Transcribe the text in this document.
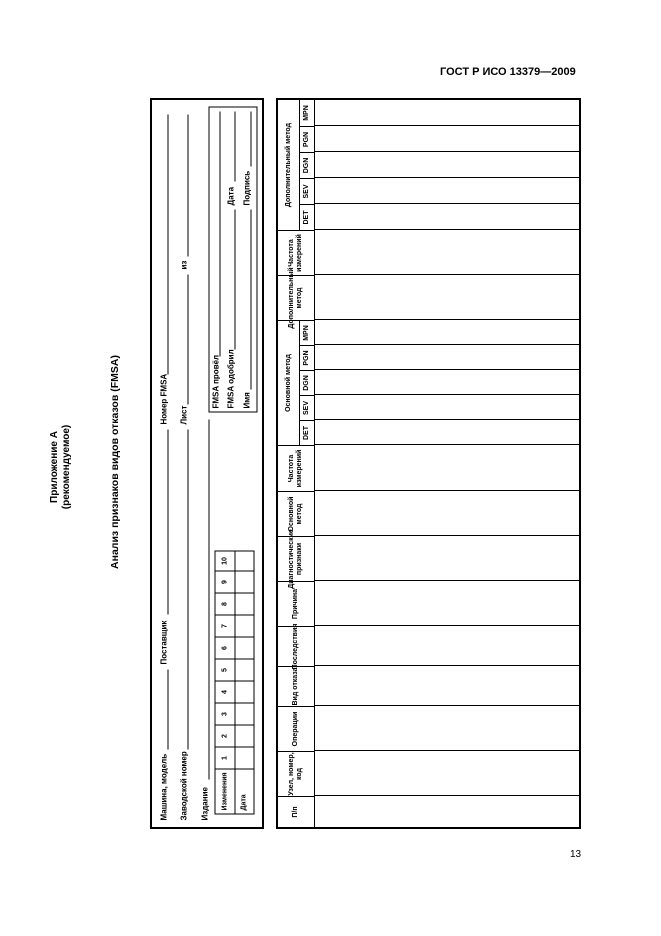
ГОСТ Р ИСО 13379—2009
Приложение А (рекомендуемое)	Анализ признаков видов отказов (FMSA)
Машина, модель
Поставщик
Номер FMSA
Заводской номер
Лист
из
Издание	Изменения
1
2
3
4
5
6
7
8
9
10
Дата
FMSA провёл FMSA одобрил
Дата
Имя
Подпись
П/п
Узел, номер, код
Операции
Вид отказа
Последствия
Причина
Диагностические признаки
Основной метод
Частота измерений
Основной метод
DET
SEV
DGN
PGN
MPN
Дополнительный метод
Частота измерений
Дополнительный метод
DET
SEV
DGN
PGN
MPN
13
